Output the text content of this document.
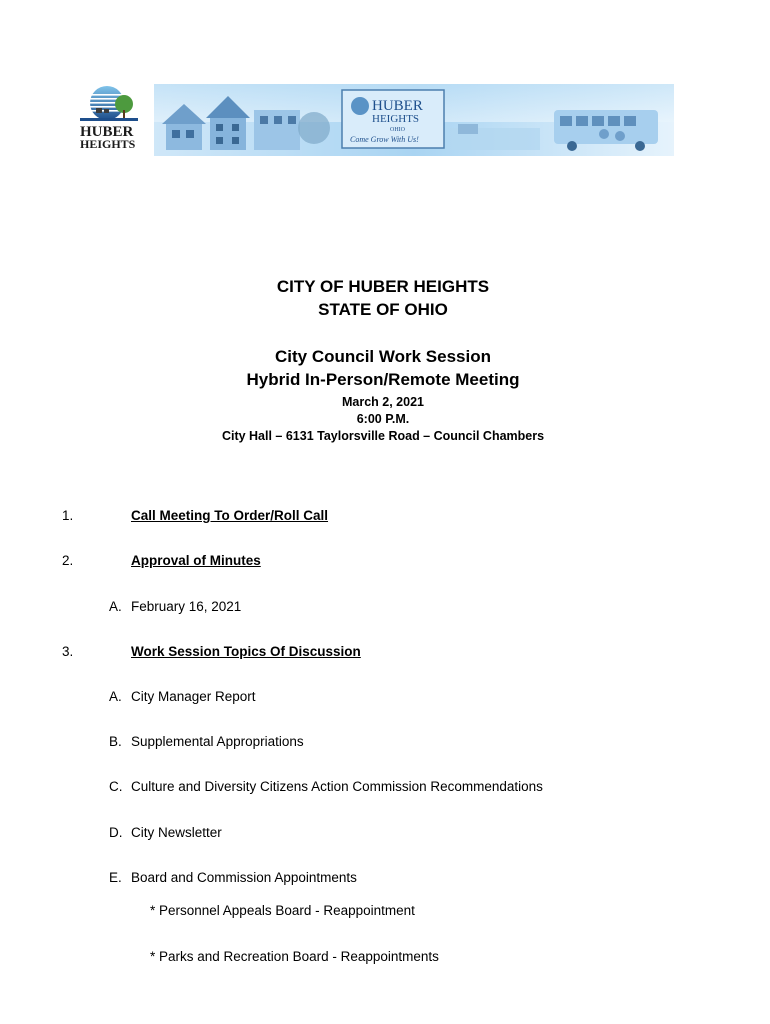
HUBER
HEIGHTS
HUBER
HEIGHTS
OHIO
Come Grow With Us!

CITY OF HUBER HEIGHTS

STATE OF OHIO

City Council Work Session

Hybrid In-Person/Remote Meeting

March 2, 2021

6:00 P.M.

City Hall – 6131 Taylorsville Road – Council Chambers

1.	Call Meeting To Order/Roll Call
2.	Approval of Minutes
A. February 16, 2021
3.	Work Session Topics Of Discussion
A. City Manager Report
B. Supplemental Appropriations
C. Culture and Diversity Citizens Action Commission Recommendations
D. City Newsletter
E. Board and Commission Appointments
* Personnel Appeals Board - Reappointment
* Parks and Recreation Board - Reappointments
